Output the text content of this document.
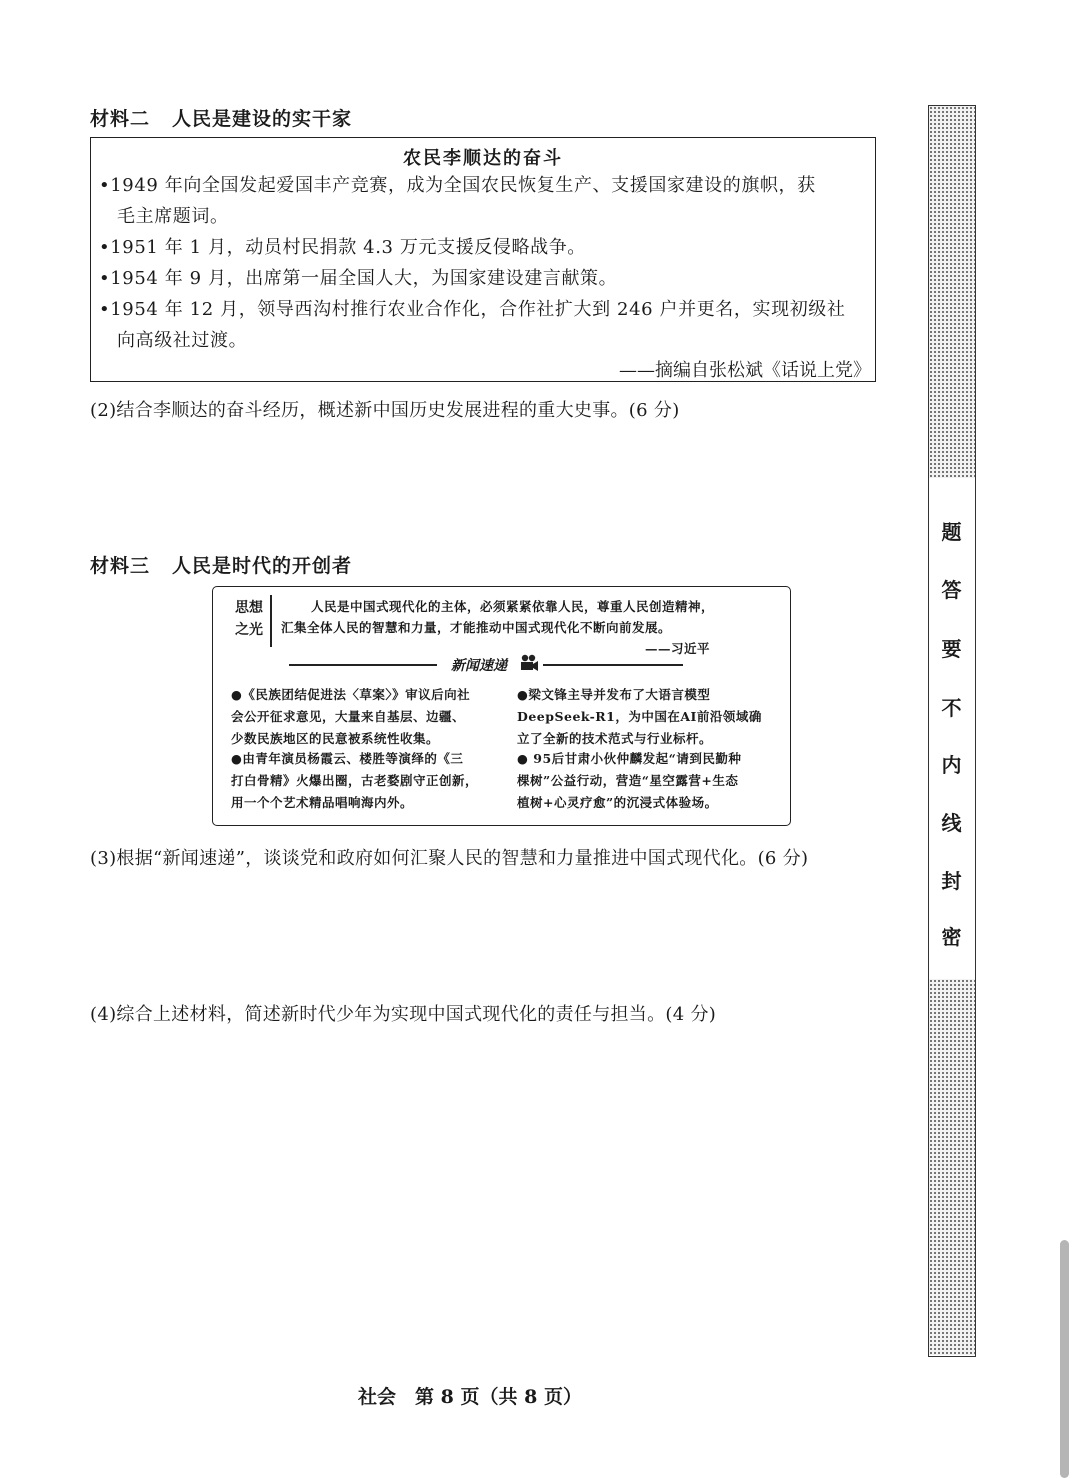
材料二 人民是建设的实干家
农民李顺达的奋斗
•1949 年向全国发起爱国丰产竞赛，成为全国农民恢复生产、支援国家建设的旗帜，获
毛主席题词。
•1951 年 1 月，动员村民捐款 4.3 万元支援反侵略战争。
•1954 年 9 月，出席第一届全国人大，为国家建设建言献策。
•1954 年 12 月，领导西沟村推行农业合作化，合作社扩大到 246 户并更名，实现初级社
向高级社过渡。
——摘编自张松斌《话说上党》
(2)结合李顺达的奋斗经历，概述新中国历史发展进程的重大史事。(6 分)
材料三 人民是时代的开创者
思想
之光
人民是中国式现代化的主体，必须紧紧依靠人民，尊重人民创造精神，
汇集全体人民的智慧和力量，才能推动中国式现代化不断向前发展。
——习近平
新闻速递
●《民族团结促进法〈草案〉》审议后向社
会公开征求意见，大量来自基层、边疆、
少数民族地区的民意被系统性收集。
●由青年演员杨霞云、楼胜等演绎的《三
打白骨精》火爆出圈，古老婺剧守正创新，
用一个个艺术精品唱响海内外。
●梁文锋主导并发布了大语言模型
DeepSeek-R1，为中国在AI前沿领域确
立了全新的技术范式与行业标杆。
● 95后甘肃小伙仲麟发起“请到民勤种
棵树”公益行动，营造“星空露营+生态
植树+心灵疗愈”的沉浸式体验场。
(3)根据“新闻速递”，谈谈党和政府如何汇聚人民的智慧和力量推进中国式现代化。(6 分)
(4)综合上述材料，简述新时代少年为实现中国式现代化的责任与担当。(4 分)
题
答
要
不
内
线
封
密
社会　第 8 页（共 8 页）
